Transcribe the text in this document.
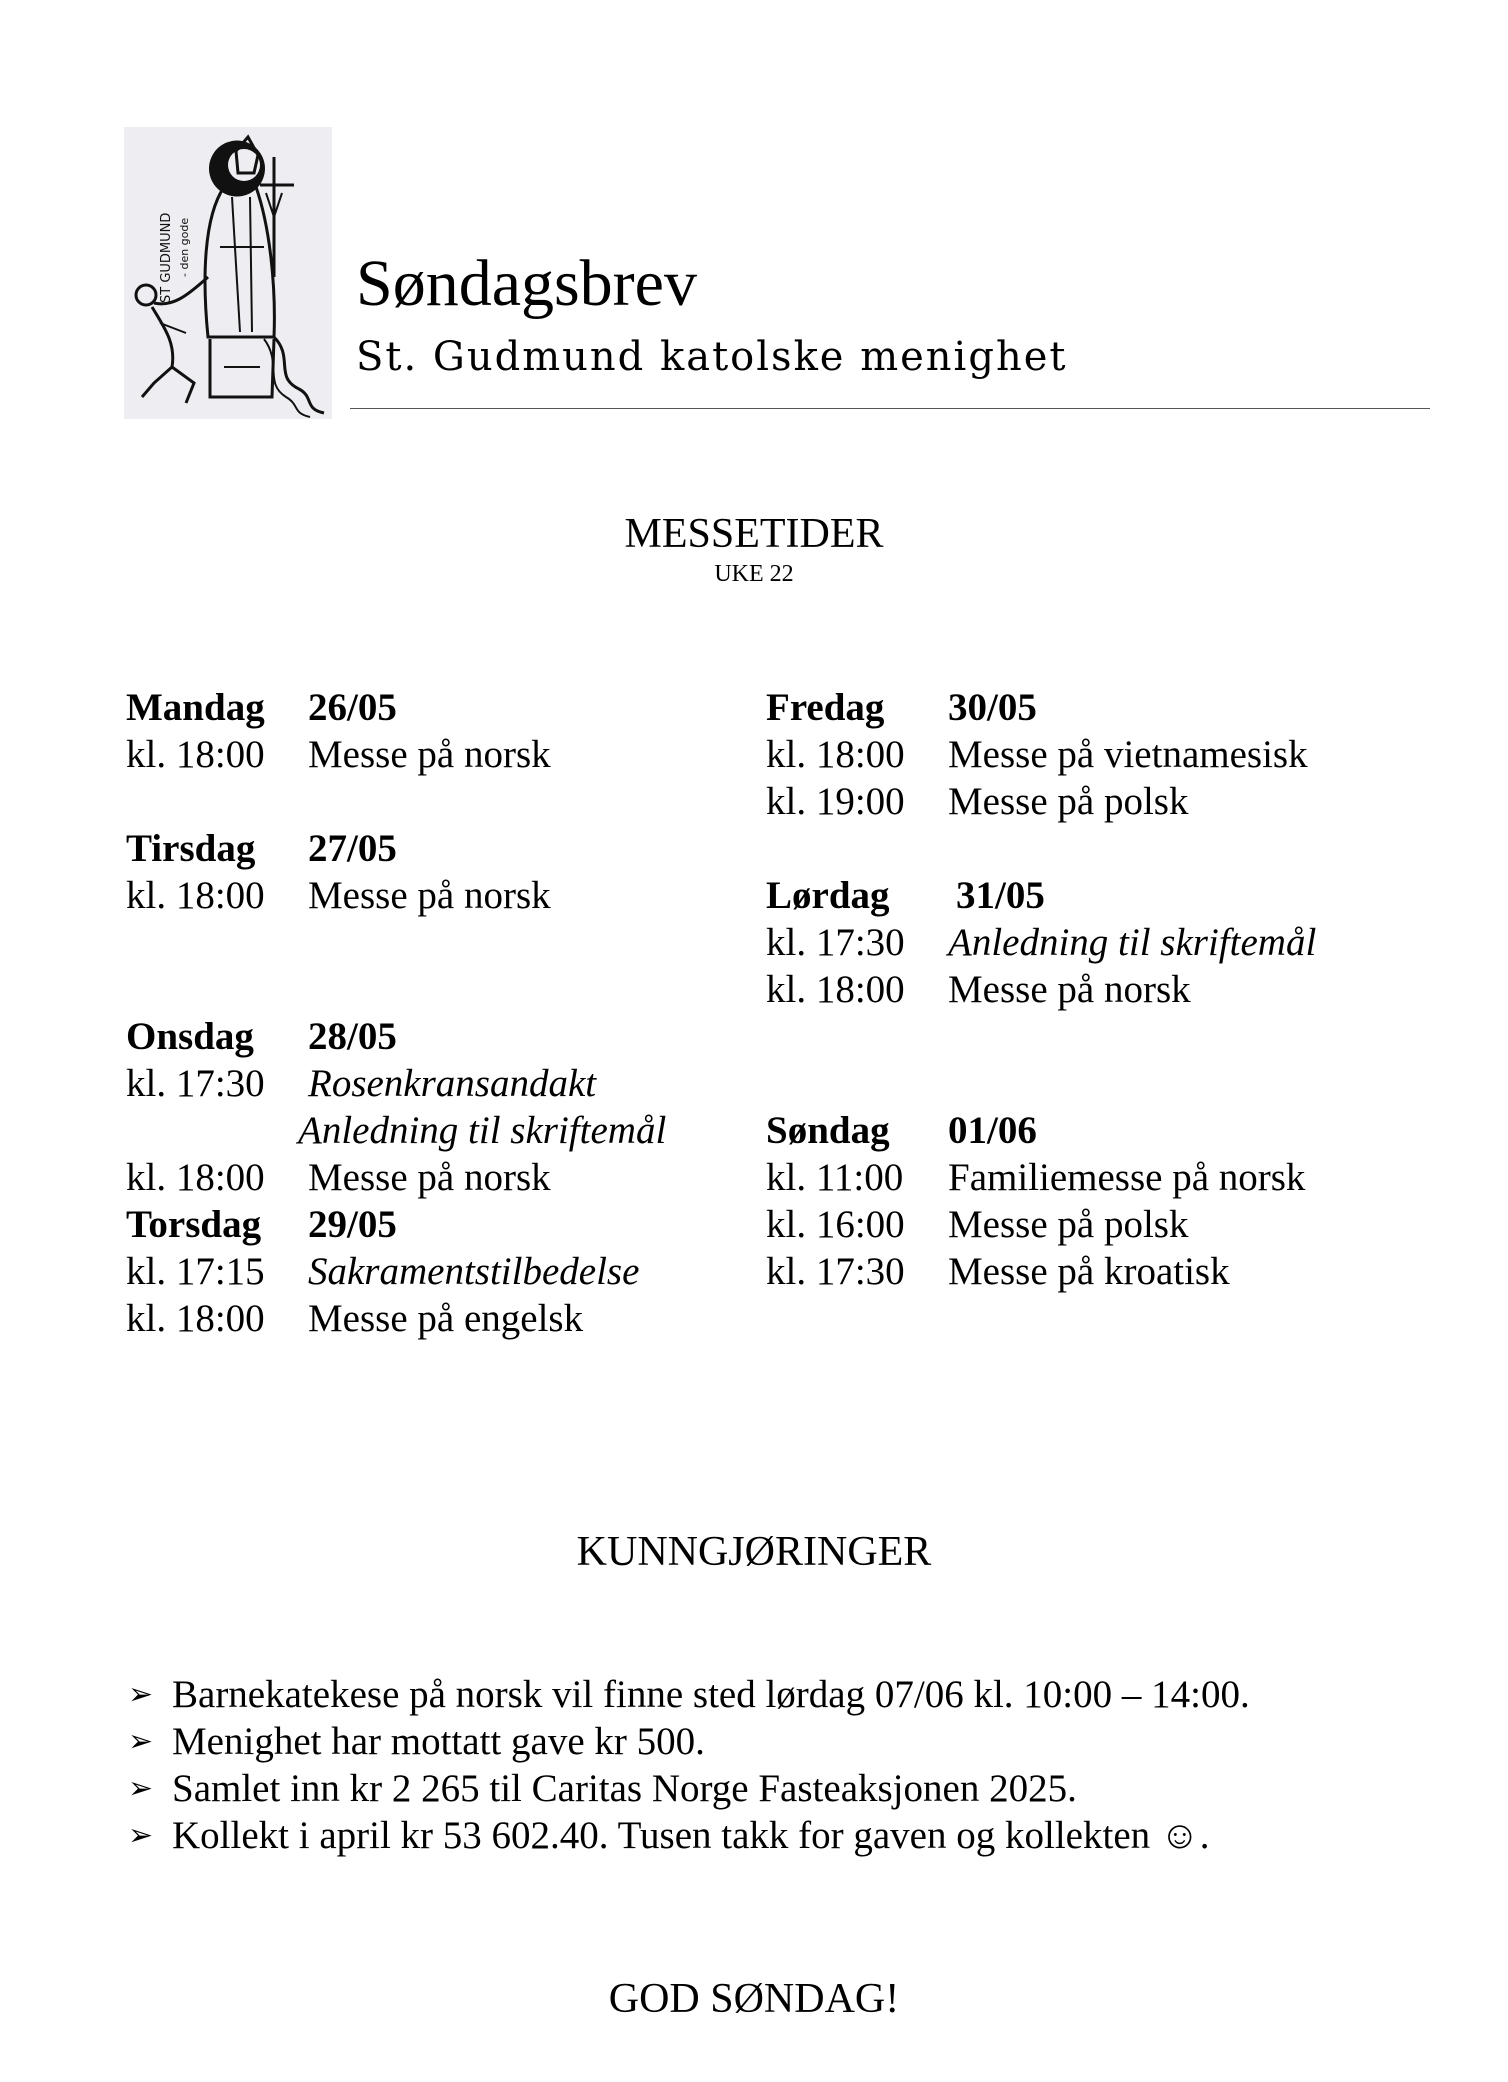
ST GUDMUND - den gode	Søndagsbrev
St. Gudmund katolske menighet
MESSETIDER
UKE 22
Mandag 26/05
kl. 18:00 Messe på norsk
Tirsdag 27/05
kl. 18:00 Messe på norsk
Onsdag 28/05
kl. 17:30 Rosenkransandakt
Anledning til skriftemål
kl. 18:00 Messe på norsk
Torsdag 29/05
kl. 17:15 Sakramentstilbedelse
kl. 18:00 Messe på engelsk
Fredag 30/05
kl. 18:00 Messe på vietnamesisk
kl. 19:00 Messe på polsk
Lørdag 31/05
kl. 17:30 Anledning til skriftemål
kl. 18:00 Messe på norsk
Søndag 01/06
kl. 11:00 Familiemesse på norsk
kl. 16:00 Messe på polsk
kl. 17:30 Messe på kroatisk
KUNNGJØRINGER
➢ Barnekatekese på norsk vil finne sted lørdag 07/06 kl. 10:00 – 14:00.
➢ Menighet har mottatt gave kr 500.
➢ Samlet inn kr 2 265 til Caritas Norge Fasteaksjonen 2025.
➢ Kollekt i april kr 53 602.40. Tusen takk for gaven og kollekten ☺.
GOD SØNDAG!
